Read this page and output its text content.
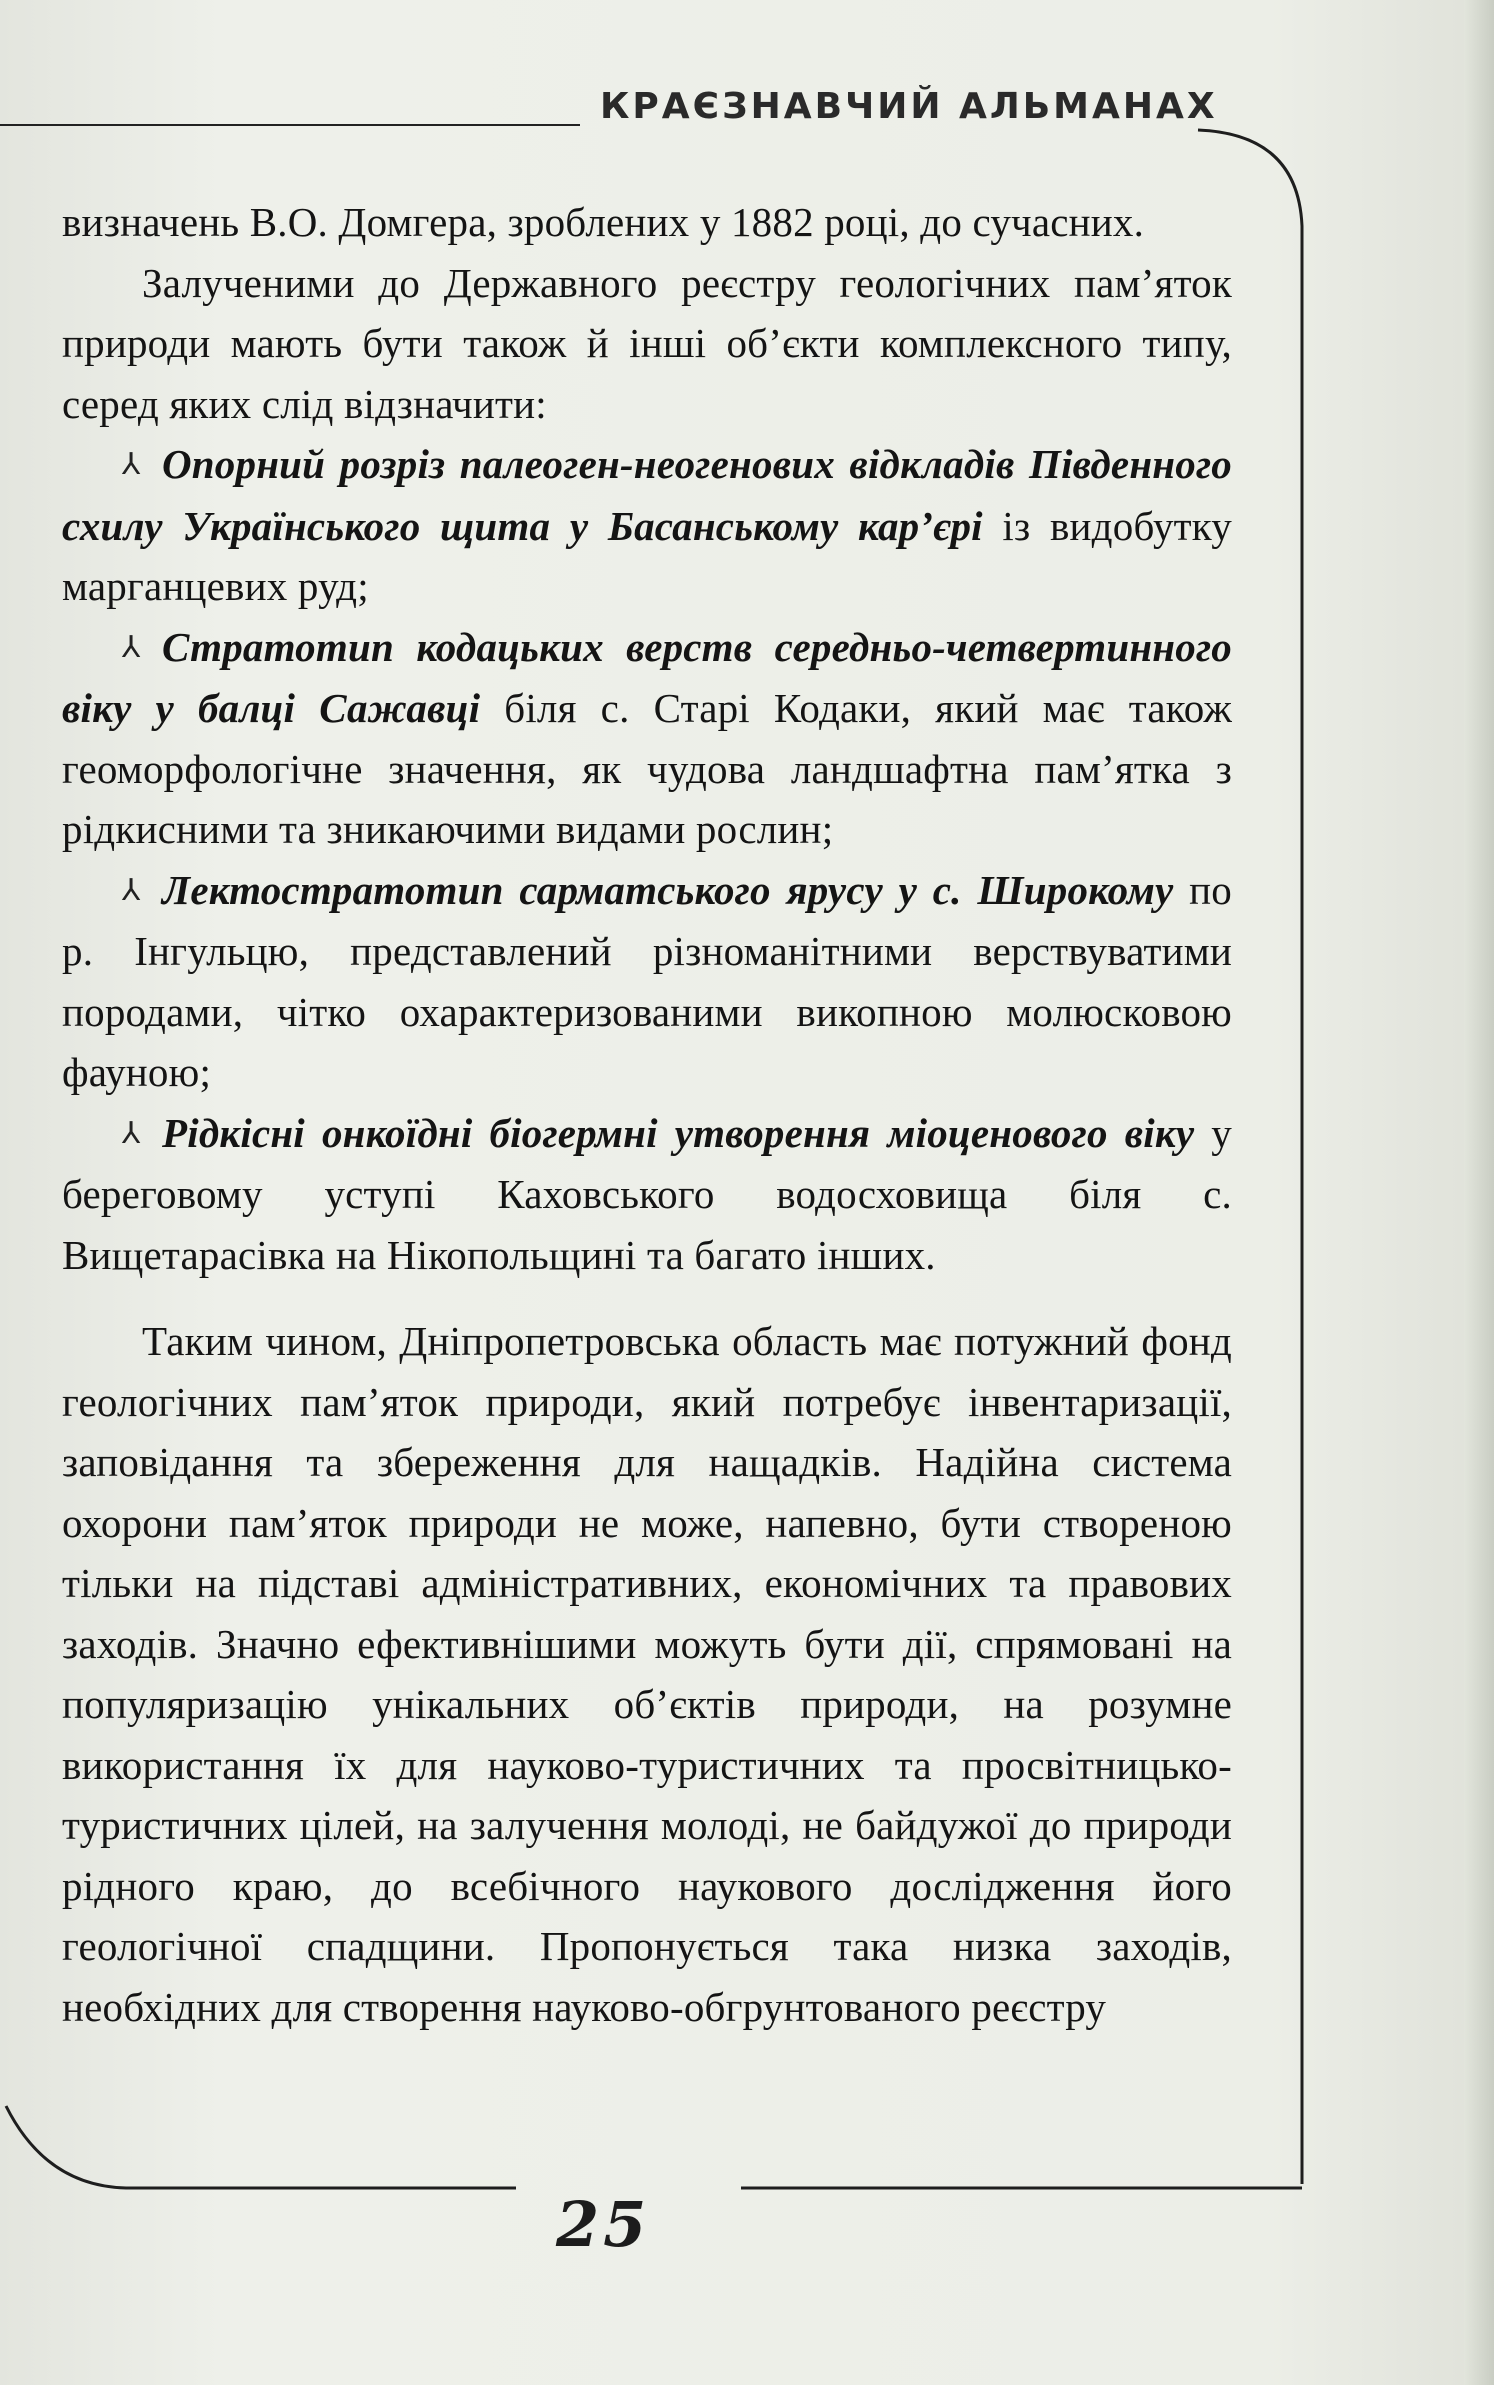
КРАЄЗНАВЧИЙ АЛЬМАНАХ
25

визначень В.О. Домгера, зроблених у 1882 році, до сучасних.

Залученими до Державного реєстру геологічних пам’яток природи мають бути також й інші об’єкти комплексного типу, серед яких слід відзначити:

⅄ Опорний розріз палеоген-неогенових відкладів Південного схилу Українського щита у Басанському кар’єрі із видобутку марганцевих руд;

⅄ Стратотип кодацьких верств середньо-четвертинного віку у балці Сажавці біля с. Старі Кодаки, який має також геоморфологічне значення, як чудова ландшафтна пам’ятка з рідкисними та зникаючими видами рослин;

⅄ Лектостратотип сарматського ярусу у с. Широкому по р. Інгульцю, представлений різноманітними верствуватими породами, чітко охарактеризованими викопною молюсковою фауною;

⅄ Рідкісні онкоїдні біогермні утворення міоценового віку у береговому уступі Каховського водосховища біля с. Вищетарасівка на Нікопольщині та багато інших.

Таким чином, Дніпропетровська область має потужний фонд геологічних пам’яток природи, який потребує інвентаризації, заповідання та збереження для нащадків. Надійна система охорони пам’яток природи не може, напевно, бути створеною тільки на підставі адміністративних, економічних та правових заходів. Значно ефективнішими можуть бути дії, спрямовані на популяризацію унікальних об’єктів природи, на розумне використання їх для науково-туристичних та просвітницько-туристичних цілей, на залучення молоді, не байдужої до природи рідного краю, до всебічного наукового дослідження його геологічної спадщини. Пропонується така низка заходів, необхідних для створення науково-обгрунтованого реєстру
